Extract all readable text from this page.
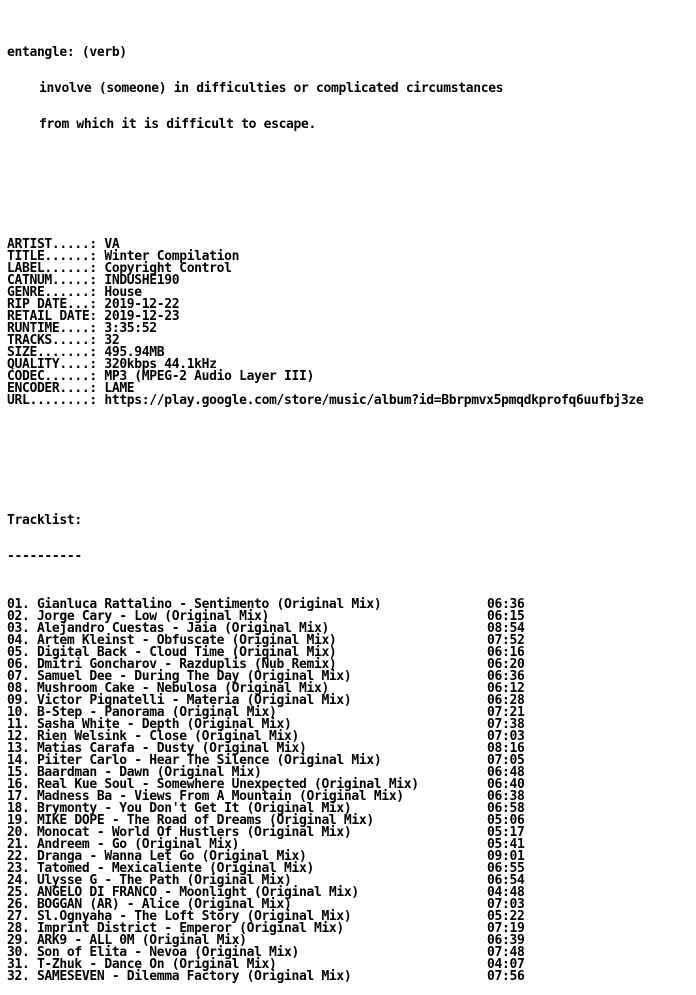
entangle: (verb)

involve (someone) in difficulties or complicated circumstances

from which it is difficult to escape.

ARTIST.....: VA
TITLE......: Winter Compilation
LABEL......: Copyright Control
CATNUM.....: INDUSHE190
GENRE......: House
RIP DATE...: 2019-12-22
RETAIL DATE: 2019-12-23
RUNTIME....: 3:35:52
TRACKS.....: 32
SIZE.......: 495.94MB
QUALITY....: 320kbps 44.1kHz
CODEC......: MP3 (MPEG-2 Audio Layer III)
ENCODER....: LAME
URL........: https://play.google.com/store/music/album?id=Bbrpmvx5pmqdkprofq6uufbj3ze

Tracklist:

----------

01. Gianluca Rattalino - Sentimento (Original Mix)	06:36
02. Jorge Cary - Low (Original Mix)	06:15
03. Alejandro Cuestas - Jaia (Original Mix)	08:54
04. Artem Kleinst - Obfuscate (Original Mix)	07:52
05. Digital Back - Cloud Time (Original Mix)	06:16
06. Dmitri Goncharov - Razduplis (Nub Remix)	06:20
07. Samuel Dee - During The Day (Original Mix)	06:36
08. Mushroom Cake - Nebulosa (Original Mix)	06:12
09. Victor Pignatelli - Materia (Original Mix)	06:28
10. B-Step - Panorama (Original Mix)	07:21
11. Sasha White - Depth (Original Mix)	07:38
12. Rien Welsink - Close (Original Mix)	07:03
13. Matias Carafa - Dusty (Original Mix)	08:16
14. Piiter Carlo - Hear The Silence (Original Mix)	07:05
15. Baardman - Dawn (Original Mix)	06:48
16. Real Kue Soul - Somewhere Unexpected (Original Mix)	06:40
17. Madness Ba - Views From A Mountain (Original Mix)	06:38
18. Brymonty - You Don't Get It (Original Mix)	06:58
19. MIKE DOPE - The Road of Dreams (Original Mix)	05:06
20. Monocat - World Of Hustlers (Original Mix)	05:17
21. Andreem - Go (Original Mix)	05:41
22. Dranga - Wanna Let Go (Original Mix)	09:01
23. Tatomed - Mexicaliente (Original Mix)	06:55
24. Ulysse G - The Path (Original Mix)	06:54
25. ANGELO DI FRANCO - Moonlight (Original Mix)	04:48
26. BOGGAN (AR) - Alice (Original Mix)	07:03
27. Sl.Ognyaha - The Loft Story (Original Mix)	05:22
28. Imprint District - Emperor (Original Mix)	07:19
29. ARK9 - ALL 0M (Original Mix)	06:39
30. Son of Elita - Nevoa (Original Mix)	07:48
31. T-Zhuk - Dance On (Original Mix)	04:07
32. SAMESEVEN - Dilemma Factory (Original Mix)	07:56
